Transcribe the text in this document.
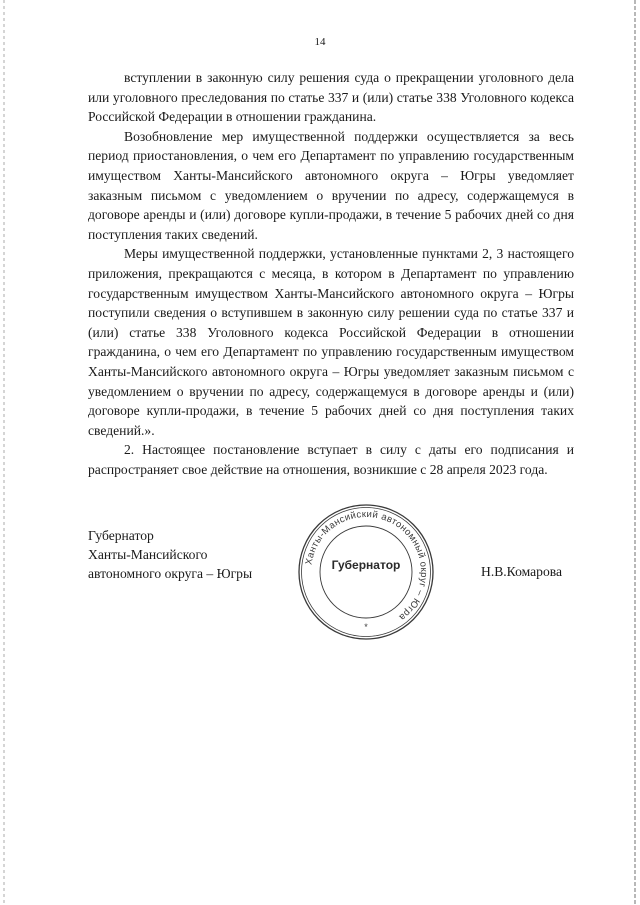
14

вступлении в законную силу решения суда о прекращении уголовного дела или уголовного преследования по статье 337 и (или) статье 338 Уголовного кодекса Российской Федерации в отношении гражданина.

Возобновление мер имущественной поддержки осуществляется за весь период приостановления, о чем его Департамент по управлению государственным имуществом Ханты-Мансийского автономного округа – Югры уведомляет заказным письмом с уведомлением о вручении по адресу, содержащемуся в договоре аренды и (или) договоре купли-продажи, в течение 5 рабочих дней со дня поступления таких сведений.

Меры имущественной поддержки, установленные пунктами 2, 3 настоящего приложения, прекращаются с месяца, в котором в Департамент по управлению государственным имуществом Ханты-Мансийского автономного округа – Югры поступили сведения о вступившем в законную силу решении суда по статье 337 и (или) статье 338 Уголовного кодекса Российской Федерации в отношении гражданина, о чем его Департамент по управлению государственным имуществом Ханты-Мансийского автономного округа – Югры уведомляет заказным письмом с уведомлением о вручении по адресу, содержащемуся в договоре аренды и (или) договоре купли-продажи, в течение 5 рабочих дней со дня поступления таких сведений.».

2. Настоящее постановление вступает в силу с даты его подписания и распространяет свое действие на отношения, возникшие с 28 апреля 2023 года.

Губернатор
Ханты-Мансийского
автономного округа – Югры
Ханты-Мансийский автономный округ – Югра
Губернатор
*
Н.В.Комарова
